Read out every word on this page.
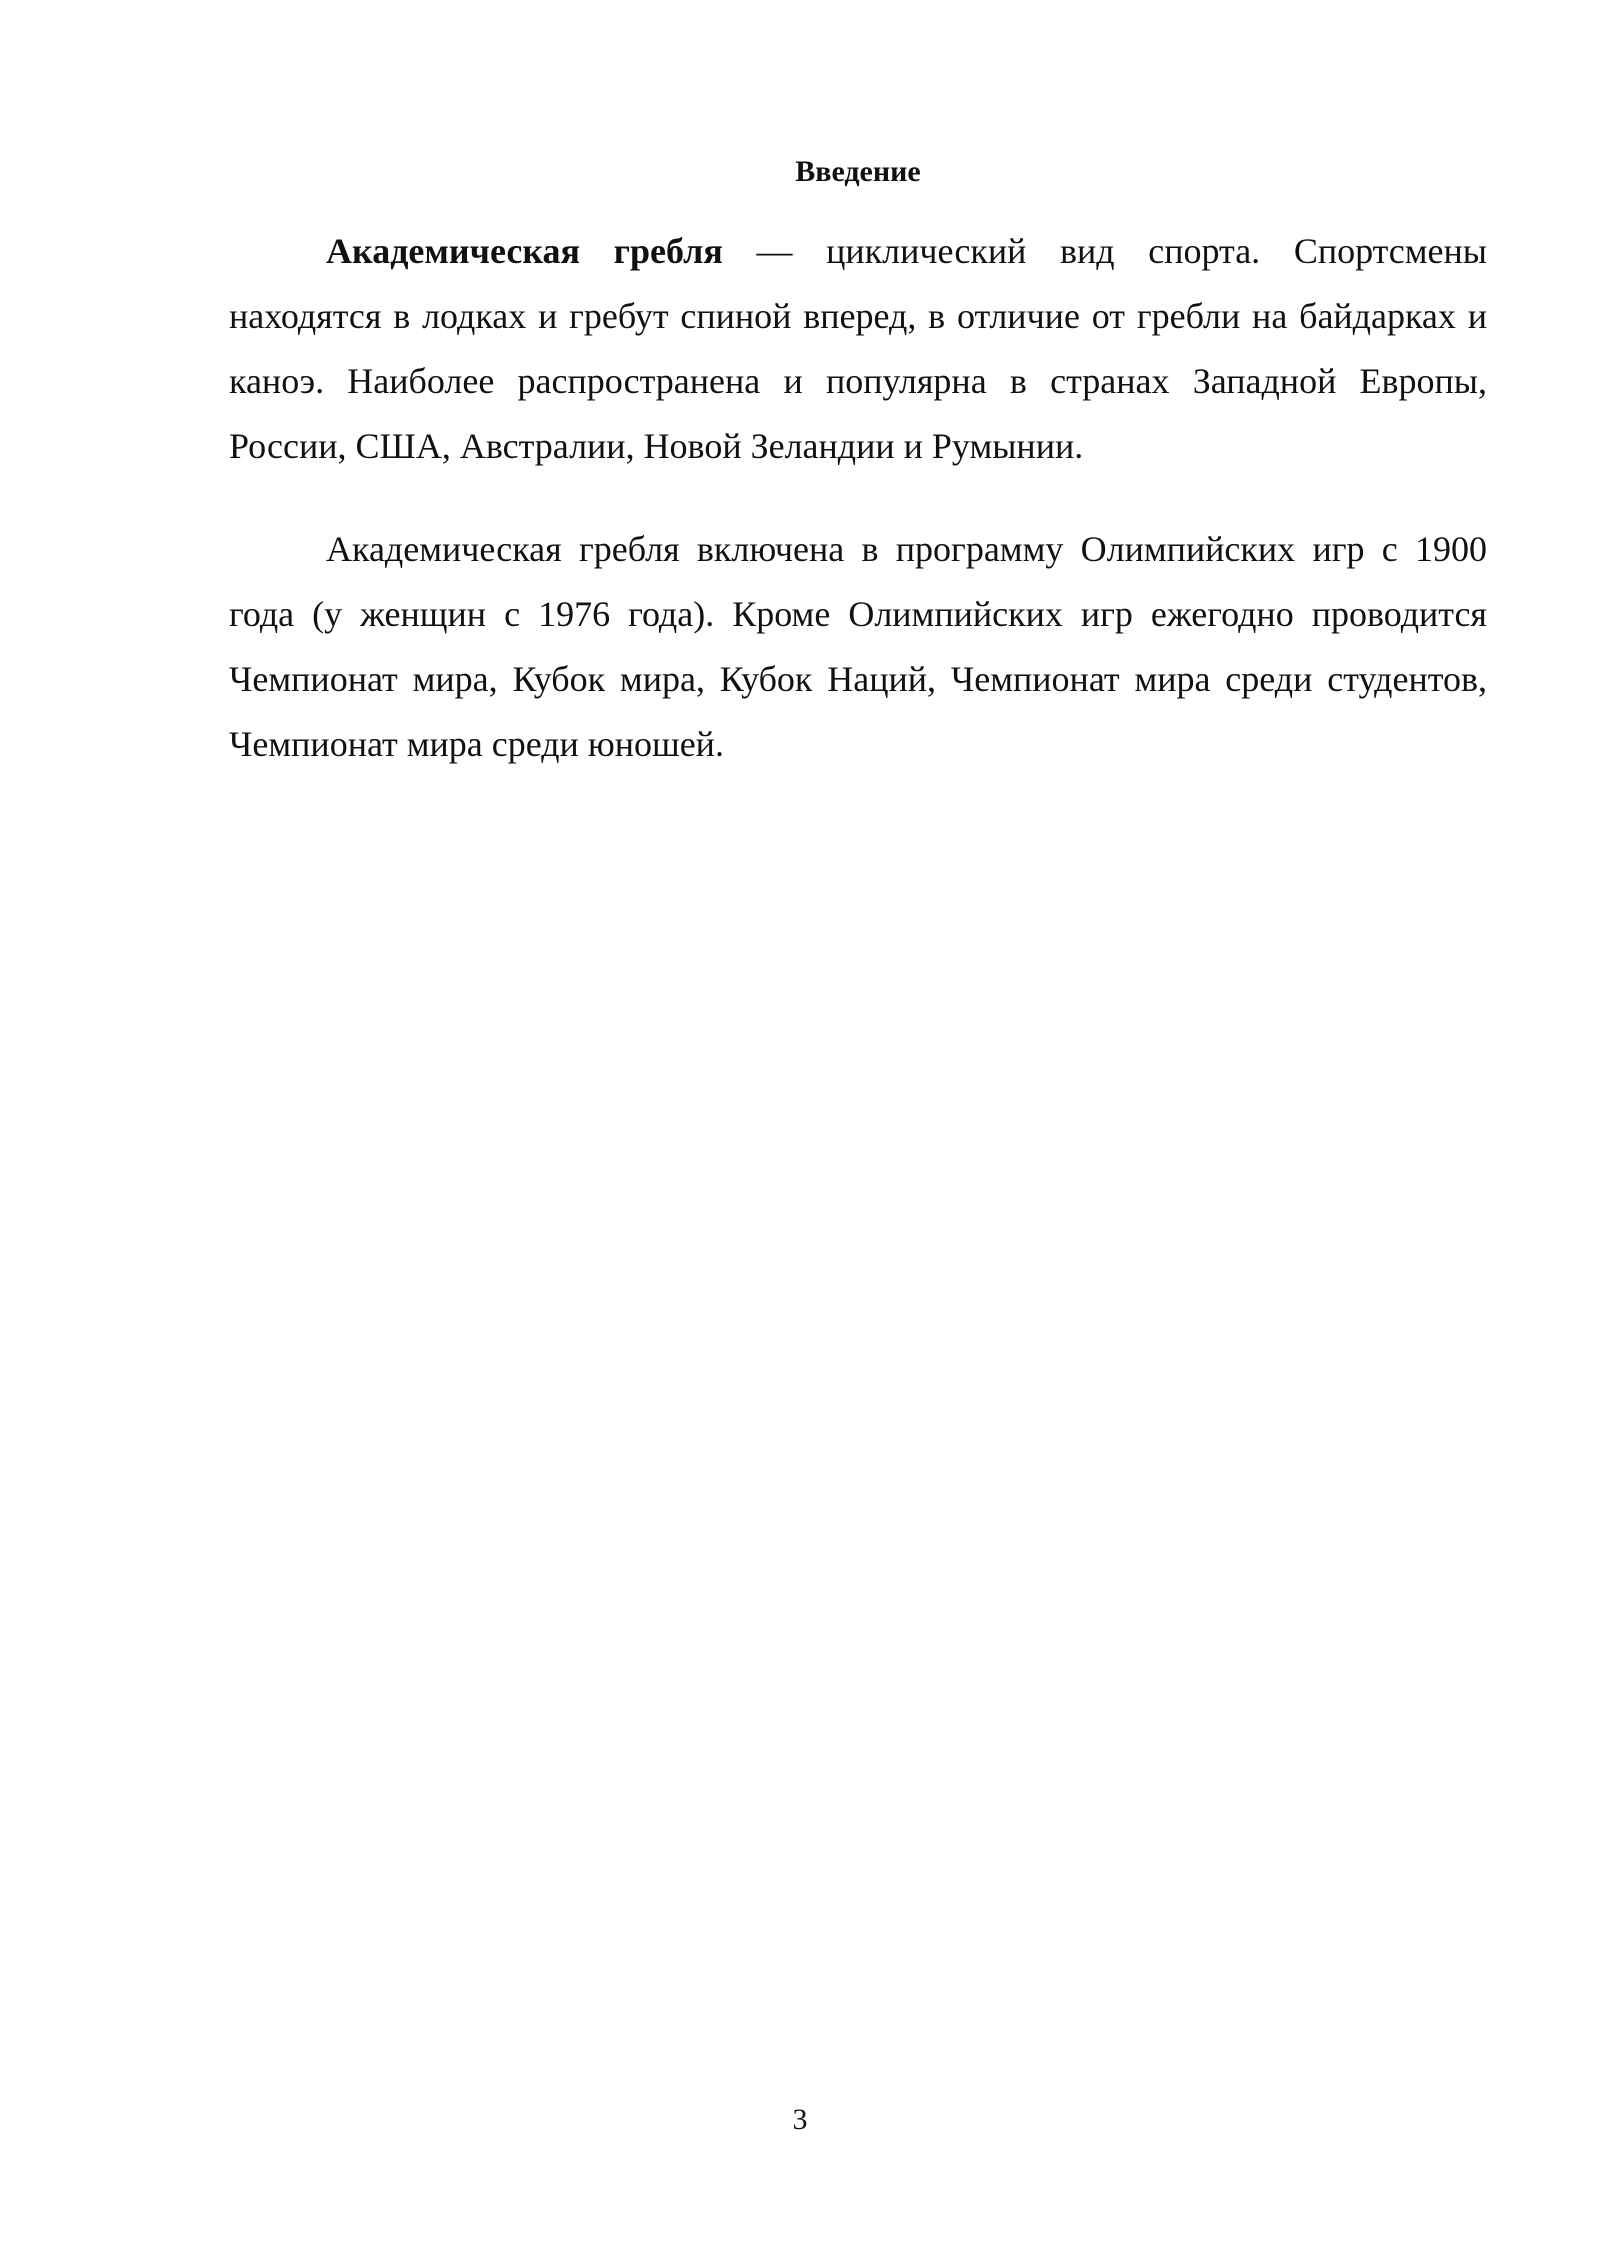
Введение

Академическая гребля — циклический вид спорта. Спортсмены находятся в лодках и гребут спиной вперед, в отличие от гребли на байдарках и каноэ. Наиболее распространена и популярна в странах Западной Европы, России, США, Австралии, Новой Зеландии и Румынии.

Академическая гребля включена в программу Олимпийских игр с 1900 года (у женщин с 1976 года). Кроме Олимпийских игр ежегодно проводится Чемпионат мира, Кубок мира, Кубок Наций, Чемпионат мира среди студентов, Чемпионат мира среди юношей.

3
